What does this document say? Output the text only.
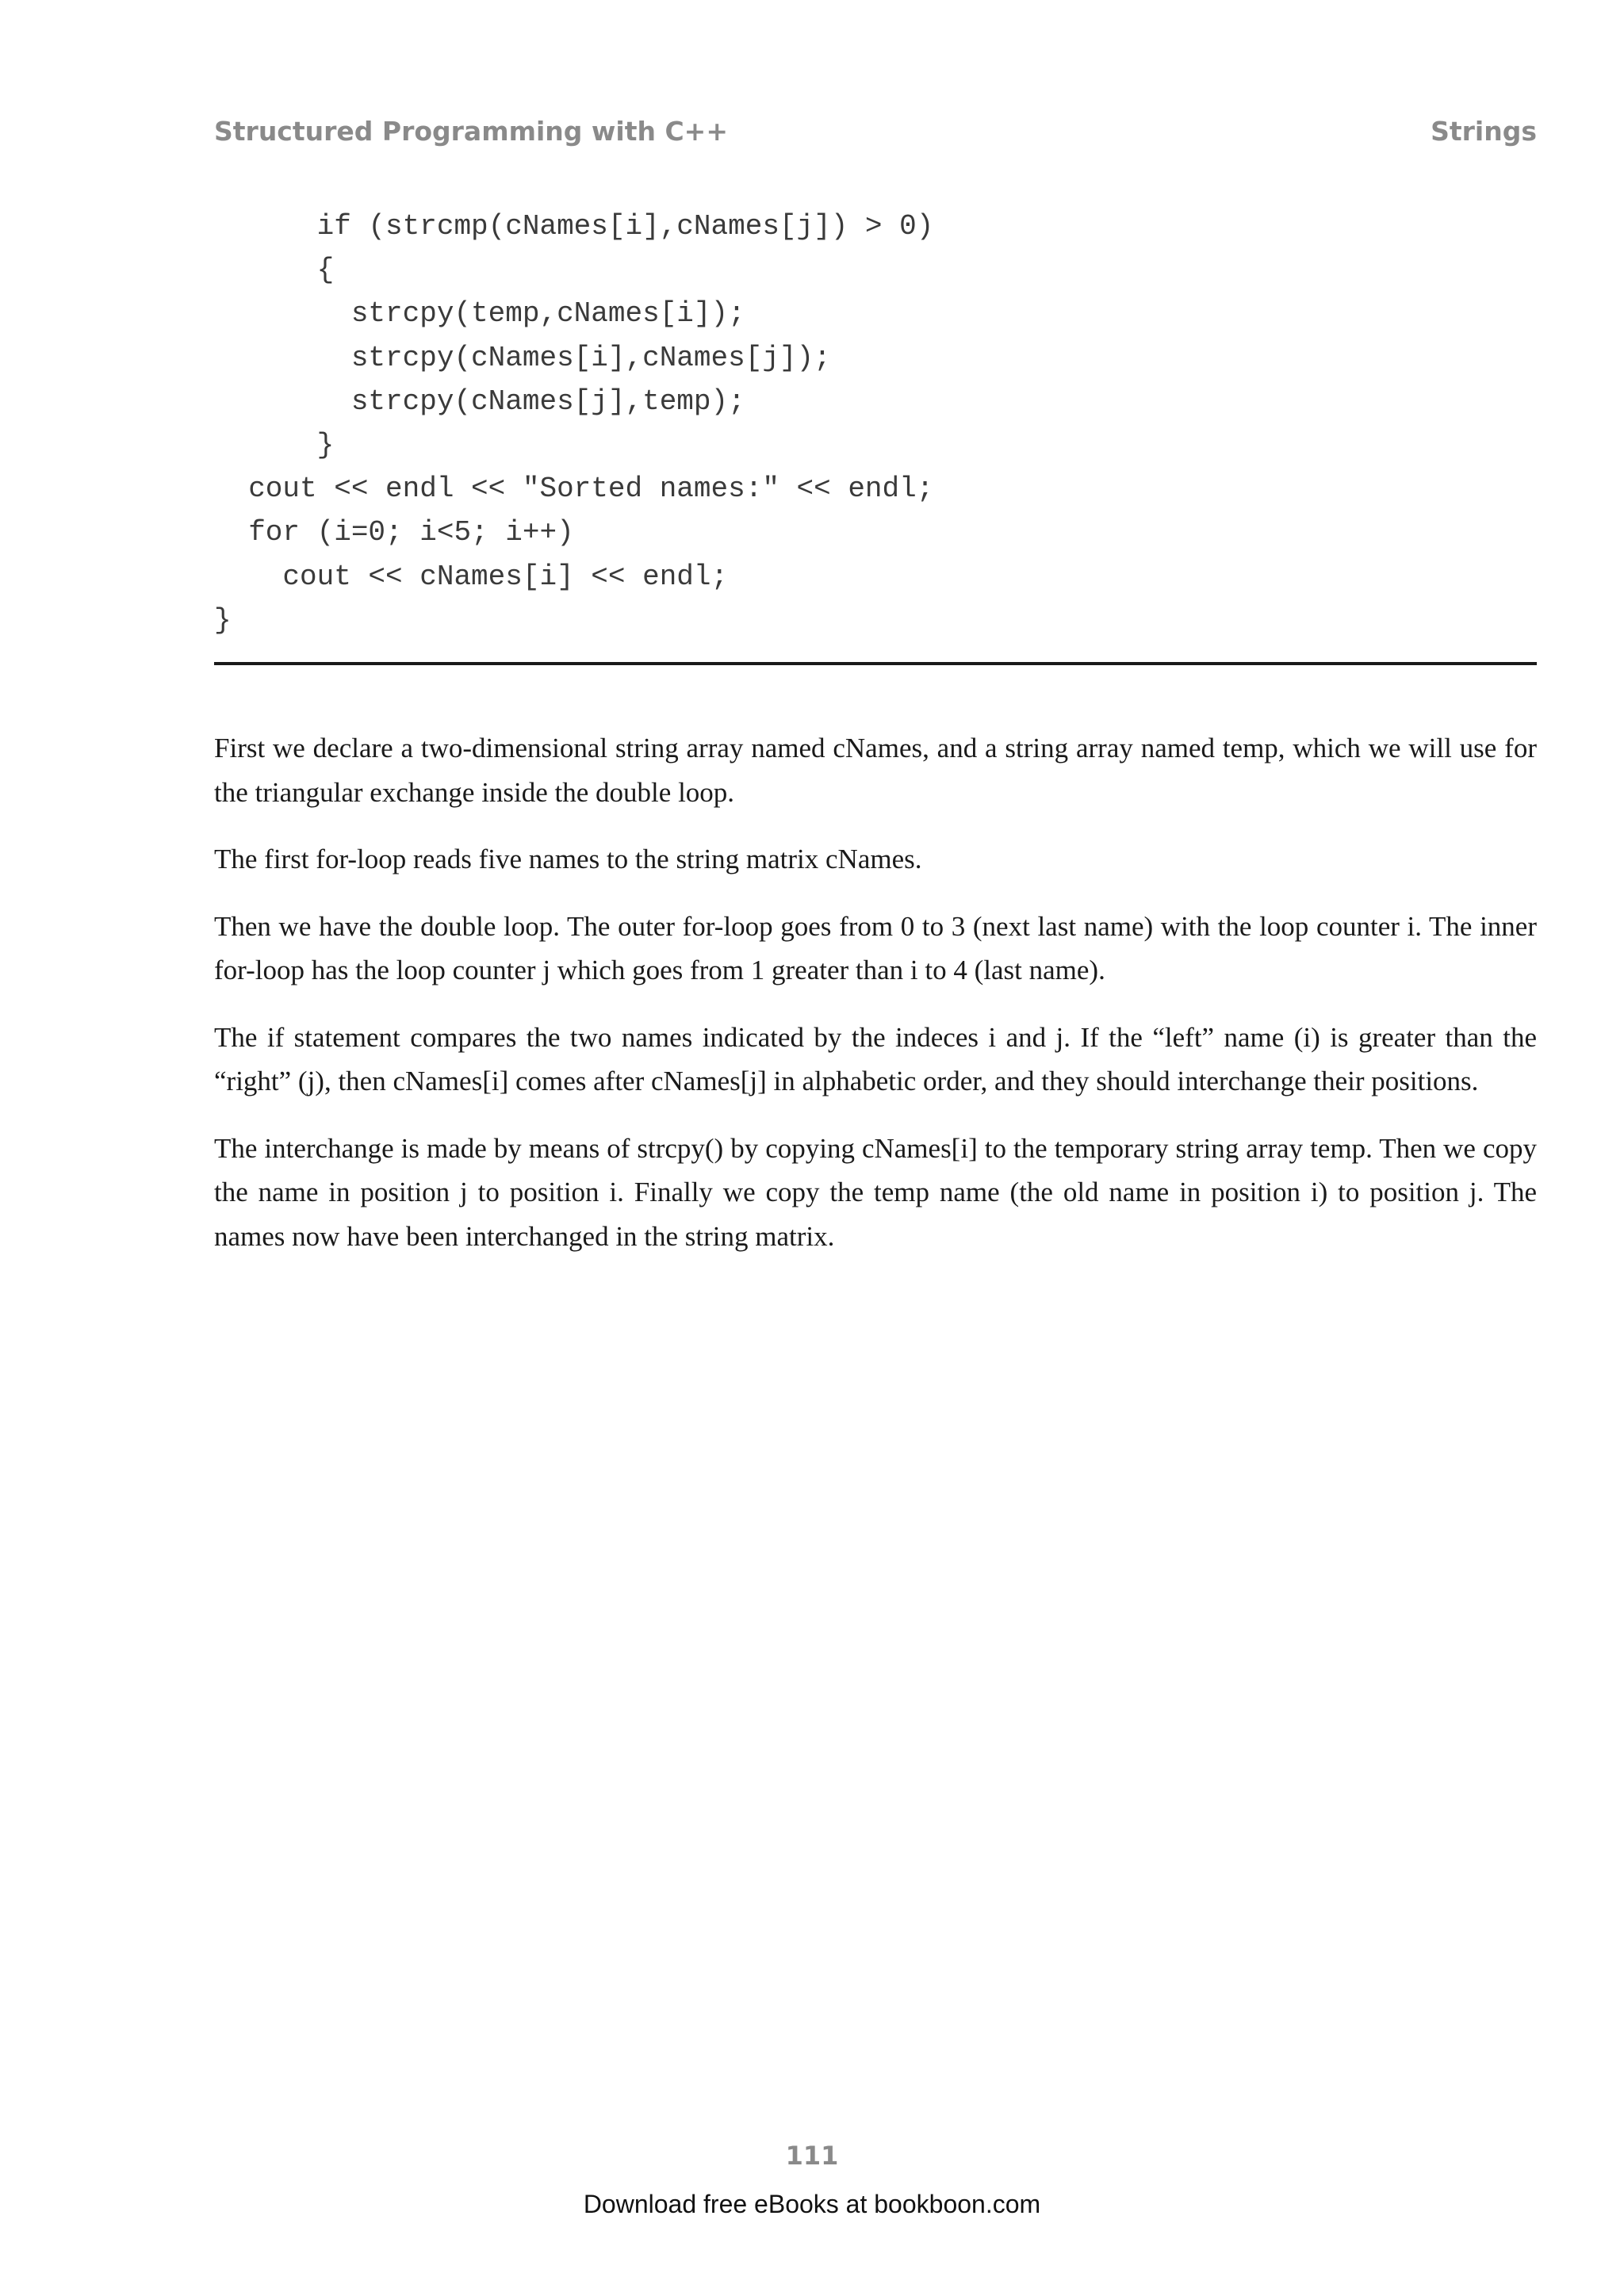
Structured Programming with C++	Strings
if (strcmp(cNames[i],cNames[j]) > 0)
{
strcpy(temp,cNames[i]);
strcpy(cNames[i],cNames[j]);
strcpy(cNames[j],temp);
}
cout << endl << "Sorted names:" << endl;
for (i=0; i<5; i++)
cout << cNames[i] << endl;
}

First we declare a two-dimensional string array named cNames, and a string array named temp, which we will use for the triangular exchange inside the double loop.

The first for-loop reads five names to the string matrix cNames.

Then we have the double loop. The outer for-loop goes from 0 to 3 (next last name) with the loop counter i. The inner for-loop has the loop counter j which goes from 1 greater than i to 4 (last name).

The if statement compares the two names indicated by the indeces i and j. If the “left” name (i) is greater than the “right” (j), then cNames[i] comes after cNames[j] in alphabetic order, and they should interchange their positions.

The interchange is made by means of strcpy() by copying cNames[i] to the temporary string array temp. Then we copy the name in position j to position i. Finally we copy the temp name (the old name in position i) to position j. The names now have been interchanged in the string matrix.

111
Download free eBooks at bookboon.com
